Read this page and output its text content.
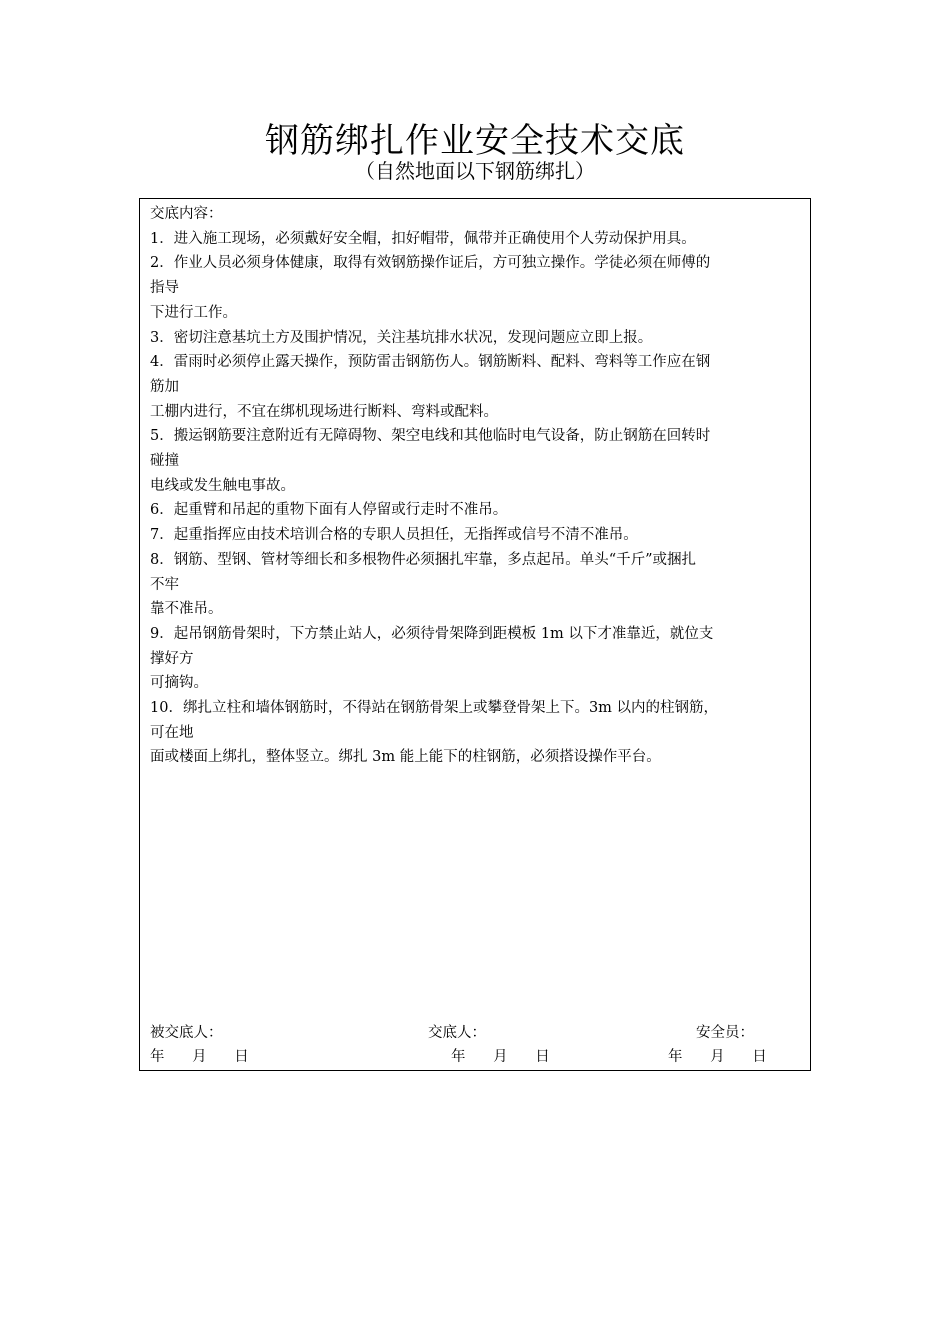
钢筋绑扎作业安全技术交底
（自然地面以下钢筋绑扎）
交底内容：
1．进入施工现场，必须戴好安全帽，扣好帽带，佩带并正确使用个人劳动保护用具。
2．作业人员必须身体健康，取得有效钢筋操作证后，方可独立操作。学徒必须在师傅的
指导
下进行工作。
3．密切注意基坑土方及围护情况，关注基坑排水状况，发现问题应立即上报。
4．雷雨时必须停止露天操作，预防雷击钢筋伤人。钢筋断料、配料、弯料等工作应在钢
筋加
工棚内进行，不宜在绑机现场进行断料、弯料或配料。
5．搬运钢筋要注意附近有无障碍物、架空电线和其他临时电气设备，防止钢筋在回转时
碰撞
电线或发生触电事故。
6．起重臂和吊起的重物下面有人停留或行走时不准吊。
7．起重指挥应由技术培训合格的专职人员担任，无指挥或信号不清不准吊。
8．钢筋、型钢、管材等细长和多根物件必须捆扎牢靠，多点起吊。单头“千斤”或捆扎
不牢
靠不准吊。
9．起吊钢筋骨架时，下方禁止站人，必须待骨架降到距模板 1m 以下才准靠近，就位支
撑好方
可摘钩。
10．绑扎立柱和墙体钢筋时，不得站在钢筋骨架上或攀登骨架上下。3m 以内的柱钢筋，
可在地
面或楼面上绑扎，整体竖立。绑扎 3m 能上能下的柱钢筋，必须搭设操作平台。
被交底人：	交底人：	安全员：
年      月      日	年      月      日	年      月      日
